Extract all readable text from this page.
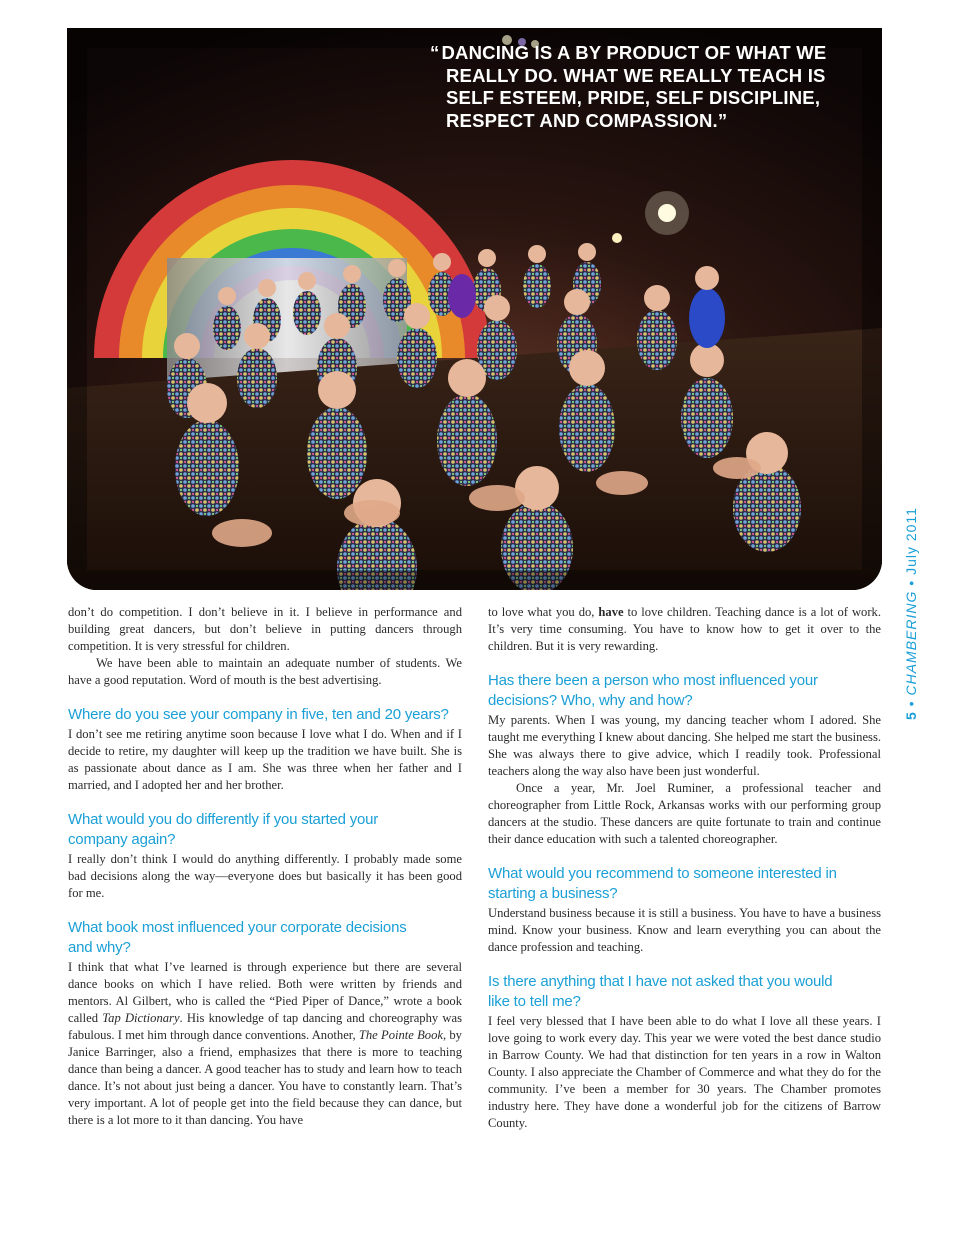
“ DANCING IS A BY PRODUCT OF WHAT WE
REALLY DO. WHAT WE REALLY TEACH IS
SELF ESTEEM, PRIDE, SELF DISCIPLINE,
RESPECT AND COMPASSION.”
5 • CHAMBERING • July 2011

don’t do competition. I don’t believe in it. I believe in performance and building great dancers, but don’t believe in putting dancers through competition. It is very stressful for children.

We have been able to maintain an adequate number of students. We have a good reputation. Word of mouth is the best advertising.

Where do you see your company in five, ten and 20 years?

I don’t see me retiring anytime soon because I love what I do. When and if I decide to retire, my daughter will keep up the tradition we have built. She is as passionate about dance as I am. She was three when her father and I married, and I adopted her and her brother.

What would you do differently if you started your company again?

I really don’t think I would do anything differently. I probably made some bad decisions along the way—everyone does but basically it has been good for me.

What book most influenced your corporate decisions and why?

I think that what I’ve learned is through experience but there are several dance books on which I have relied. Both were written by friends and mentors. Al Gilbert, who is called the “Pied Piper of Dance,” wrote a book called Tap Dictionary. His knowledge of tap dancing and choreography was fabulous. I met him through dance conventions. Another, The Pointe Book, by Janice Barringer, also a friend, emphasizes that there is more to teaching dance than being a dancer. A good teacher has to study and learn how to teach dance. It’s not about just being a dancer. You have to constantly learn. That’s very important. A lot of people get into the field because they can dance, but there is a lot more to it than dancing. You have

to love what you do, have to love children. Teaching dance is a lot of work. It’s very time consuming. You have to know how to get it over to the children. But it is very rewarding.

Has there been a person who most influenced your decisions? Who, why and how?

My parents. When I was young, my dancing teacher whom I adored. She taught me everything I knew about dancing. She helped me start the business. She was always there to give advice, which I readily took. Professional teachers along the way also have been just wonderful.

Once a year, Mr. Joel Ruminer, a professional teacher and choreographer from Little Rock, Arkansas works with our performing group dancers at the studio. These dancers are quite fortunate to train and continue their dance education with such a talented choreographer.

What would you recommend to someone interested in starting a business?

Understand business because it is still a business. You have to have a business mind. Know your business. Know and learn everything you can about the dance profession and teaching.

Is there anything that I have not asked that you would like to tell me?

I feel very blessed that I have been able to do what I love all these years. I love going to work every day. This year we were voted the best dance studio in Barrow County. We had that distinction for ten years in a row in Walton County. I also appreciate the Chamber of Commerce and what they do for the community. I’ve been a member for 30 years. The Chamber promotes industry here. They have done a wonderful job for the citizens of Barrow County.
